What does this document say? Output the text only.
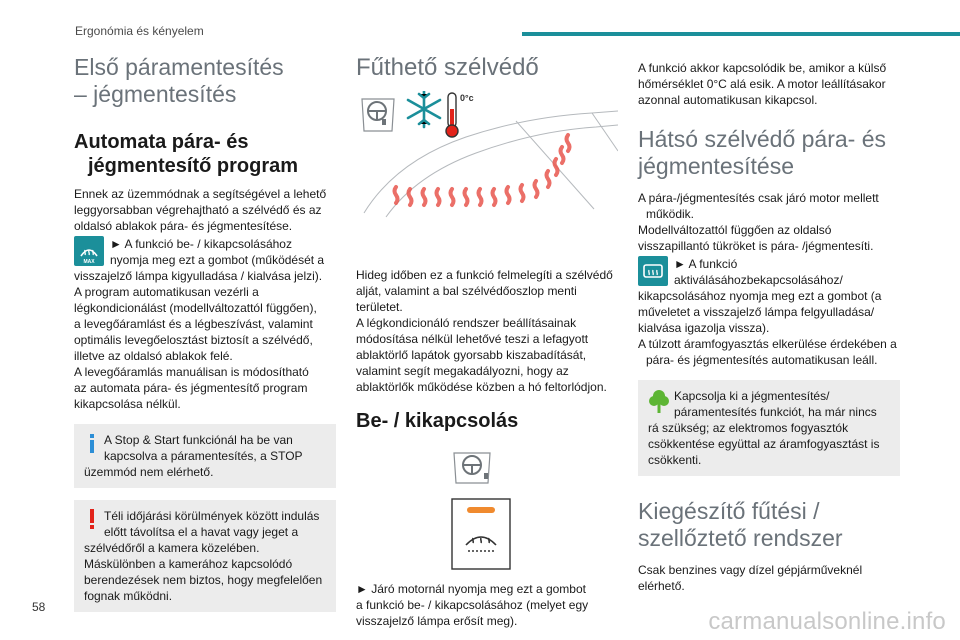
Ergonómia és kényelem
Első páramentesítés
– jégmentesítés
Automata pára- és
jégmentesítő program
Ennek az üzemmódnak a segítségével a lehető
leggyorsabban végrehajtható a szélvédő és az
oldalsó ablakok pára- és jégmentesítése.
MAX
► A funkció be- / kikapcsolásához
nyomja meg ezt a gombot (működését a
visszajelző lámpa kigyulladása / kialvása jelzi).
A program automatikusan vezérli a
légkondicionálást (modellváltozattól függően),
a levegőáramlást és a légbeszívást, valamint
optimális levegőelosztást biztosít a szélvédő,
illetve az oldalsó ablakok felé.
A levegőáramlás manuálisan is módosítható
az automata pára- és jégmentesítő program
kikapcsolása nélkül.
A Stop & Start funkciónál ha be van
kapcsolva a páramentesítés, a STOP
üzemmód nem elérhető.
Téli időjárási körülmények között indulás
előtt távolítsa el a havat vagy jeget a
szélvédőről a kamera közelében.
Máskülönben a kamerához kapcsolódó
berendezések nem biztos, hogy megfelelően
fognak működni.
Fűthető szélvédő
0°c
Hideg időben ez a funkció felmelegíti a szélvédő
alját, valamint a bal szélvédőoszlop menti
területet.
A légkondicionáló rendszer beállításainak
módosítása nélkül lehetővé teszi a lefagyott
ablaktörlő lapátok gyorsabb kiszabadítását,
valamint segít megakadályozni, hogy az
ablaktörlők működése közben a hó feltorlódjon.
Be- / kikapcsolás
► Járó motornál nyomja meg ezt a gombot
a funkció be- / kikapcsolásához (melyet egy
visszajelző lámpa erősít meg).
A funkció akkor kapcsolódik be, amikor a külső
hőmérséklet 0°C alá esik. A motor leállításakor
azonnal automatikusan kikapcsol.
Hátsó szélvédő pára- és
jégmentesítése
A pára-/jégmentesítés csak járó motor mellett
működik.
Modellváltozattól függően az oldalsó
visszapillantó tükröket is pára- /jégmentesíti.
► A funkció
aktiválásáhozbekapcsolásához/
kikapcsolásához nyomja meg ezt a gombot (a
műveletet a visszajelző lámpa felgyulladása/
kialvása igazolja vissza).
A túlzott áramfogyasztás elkerülése érdekében a
pára- és jégmentesítés automatikusan leáll.
Kapcsolja ki a jégmentesítés/
páramentesítés funkciót, ha már nincs
rá szükség; az elektromos fogyasztók
csökkentése együttal az áramfogyasztást is
csökkenti.
Kiegészítő fűtési /
szellőztető rendszer
Csak benzines vagy dízel gépjárműveknél
elérhető.
58
carmanualsonline.info
